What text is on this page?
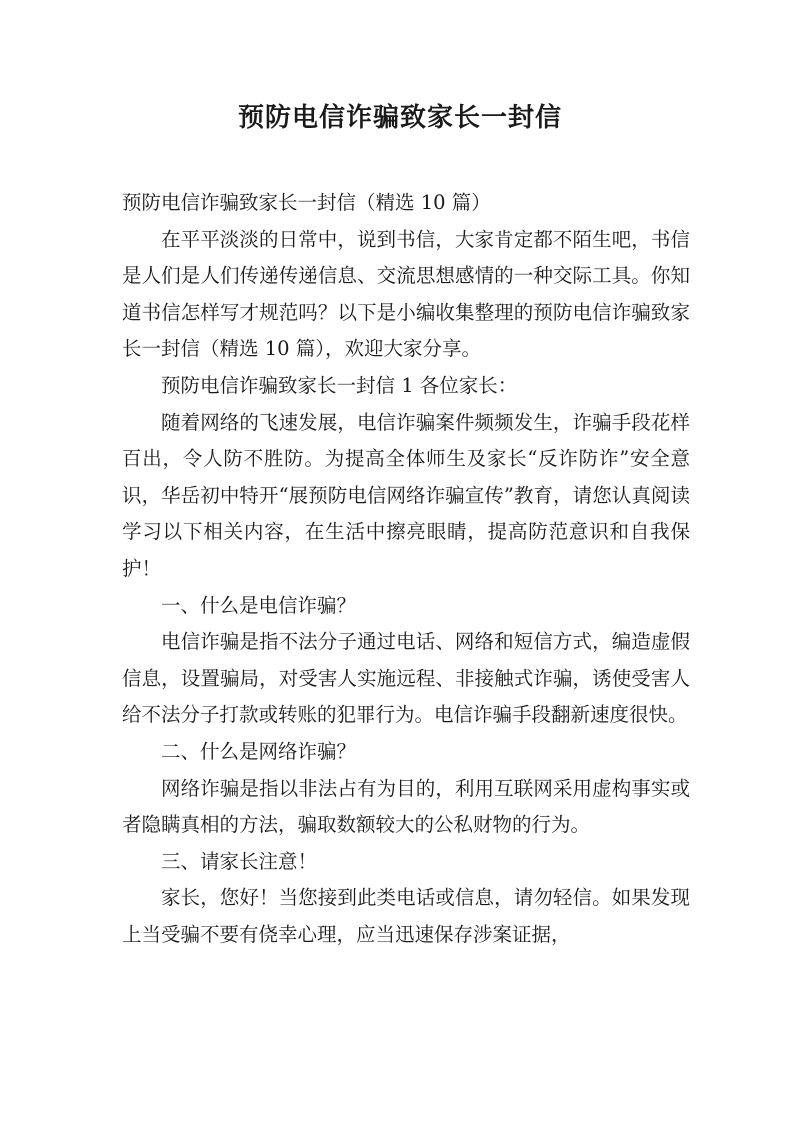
预防电信诈骗致家长一封信

预防电信诈骗致家长一封信（精选 10 篇）

在平平淡淡的日常中，说到书信，大家肯定都不陌生吧，书信是人们是人们传递传递信息、交流思想感情的一种交际工具。你知道书信怎样写才规范吗？以下是小编收集整理的预防电信诈骗致家长一封信（精选 10 篇），欢迎大家分享。

预防电信诈骗致家长一封信 1 各位家长：

随着网络的飞速发展，电信诈骗案件频频发生，诈骗手段花样百出，令人防不胜防。为提高全体师生及家长“反诈防诈”安全意识，华岳初中特开“展预防电信网络诈骗宣传”教育，请您认真阅读学习以下相关内容，在生活中擦亮眼睛，提高防范意识和自我保护！

一、什么是电信诈骗？

电信诈骗是指不法分子通过电话、网络和短信方式，编造虚假信息，设置骗局，对受害人实施远程、非接触式诈骗，诱使受害人给不法分子打款或转账的犯罪行为。电信诈骗手段翻新速度很快。

二、什么是网络诈骗？

网络诈骗是指以非法占有为目的，利用互联网采用虚构事实或者隐瞒真相的方法，骗取数额较大的公私财物的行为。

三、请家长注意！

家长，您好！当您接到此类电话或信息，请勿轻信。如果发现上当受骗不要有侥幸心理，应当迅速保存涉案证据，
